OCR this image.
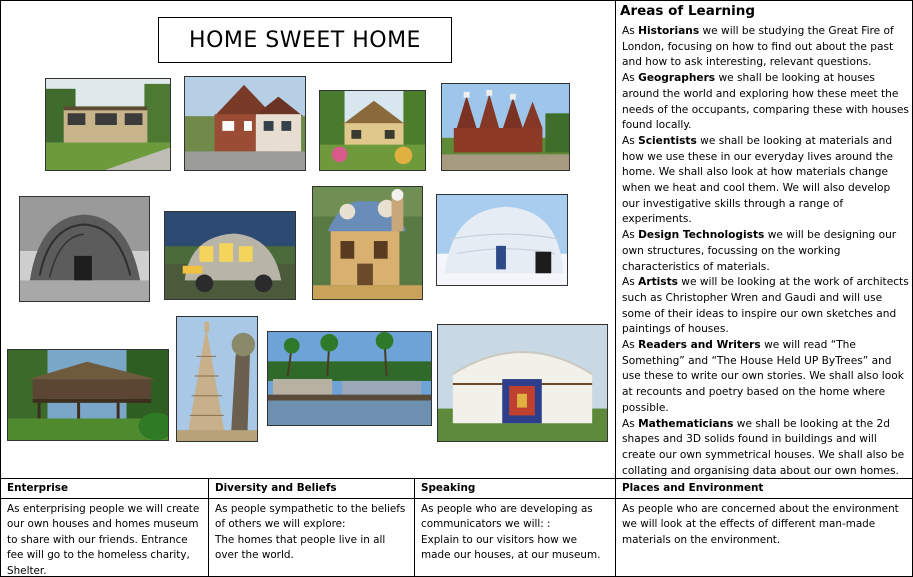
HOME SWEET HOME
Areas of Learning
As Historians we will be studying the Great Fire of London, focusing on how to find out about the past and how to ask interesting, relevant questions.
As Geographers we shall be looking at houses around the world and exploring how these meet the needs of the occupants, comparing these with houses found locally.
As Scientists we shall be looking at materials and how we use these in our everyday lives around the home. We shall also look at how materials change when we heat and cool them. We will also develop our investigative skills through a range of experiments.
As Design Technologists we will be designing our own structures, focussing on the working characteristics of materials.
As Artists we will be looking at the work of architects such as Christopher Wren and Gaudi and will use some of their ideas to inspire our own sketches and paintings of houses.
As Readers and Writers we will read “The Something” and “The House Held UP ByTrees” and use these to write our own stories. We shall also look at recounts and poetry based on the home where possible.
As Mathematicians we shall be looking at the 2d shapes and 3D solids found in buildings and will create our own symmetrical houses. We shall also be collating and organising data about our own homes.
Enterprise
As enterprising people we will create our own houses and homes museum to share with our friends. Entrance fee will go to the homeless charity, Shelter.
Diversity and Beliefs
As people sympathetic to the beliefs of others we will explore:
The homes that people live in all over the world.
Speaking
As people who are developing as communicators we will: :
Explain to our visitors how we made our houses, at our museum.
Places and Environment
As people who are concerned about the environment we will look at the effects of different man-made materials on the environment.
